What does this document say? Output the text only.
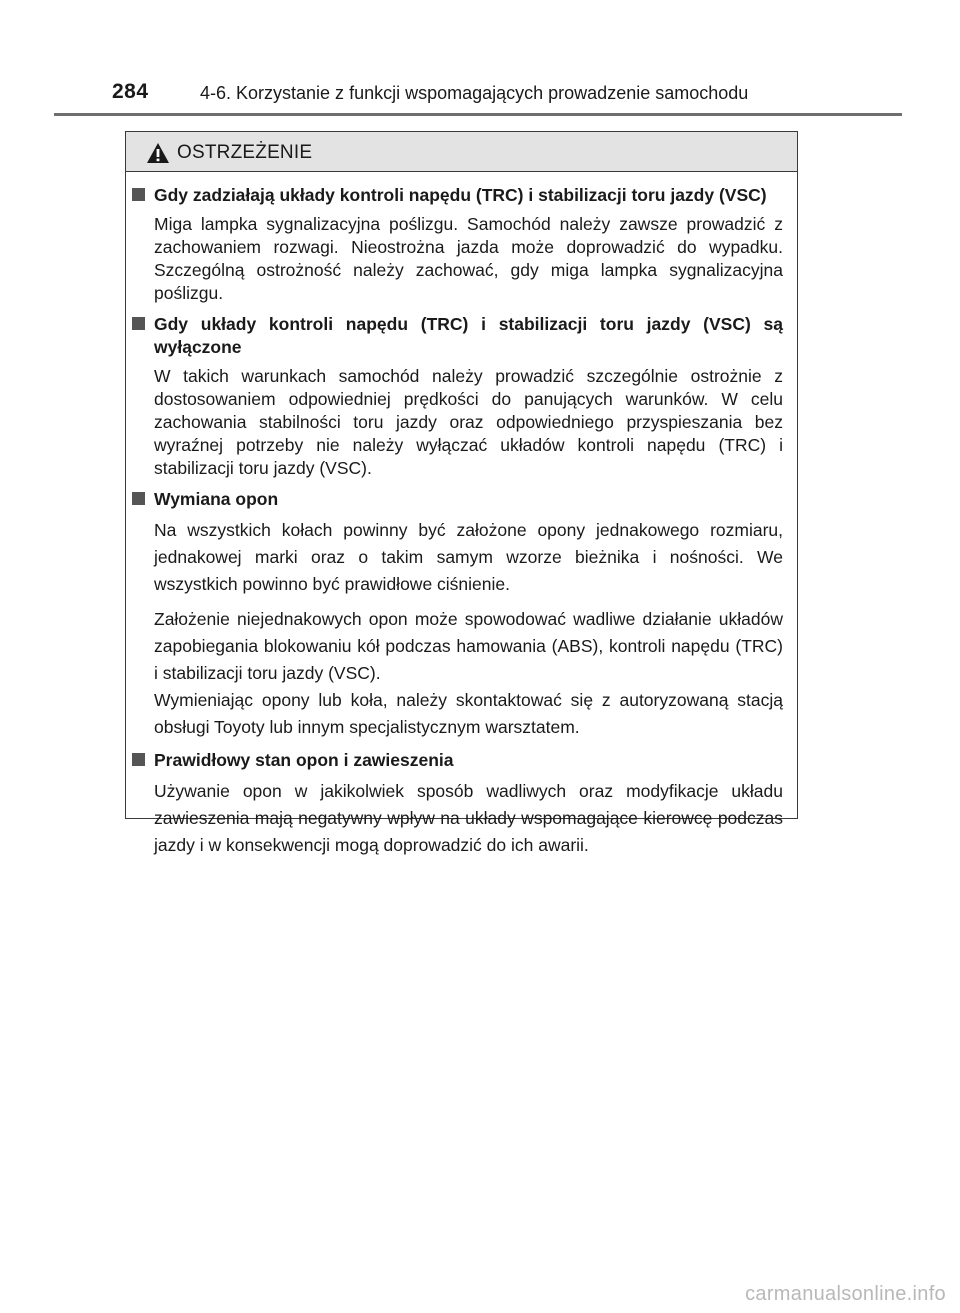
284	4-6. Korzystanie z funkcji wspomagających prowadzenie samochodu
OSTRZEŻENIE

Gdy zadziałają układy kontroli napędu (TRC) i stabilizacji toru jazdy (VSC)

Miga lampka sygnalizacyjna poślizgu. Samochód należy zawsze prowadzić z zachowaniem rozwagi. Nieostrożna jazda może doprowadzić do wypadku. Szczególną ostrożność należy zachować, gdy miga lampka sygnalizacyjna poślizgu.

Gdy układy kontroli napędu (TRC) i stabilizacji toru jazdy (VSC) są wyłączone

W takich warunkach samochód należy prowadzić szczególnie ostrożnie z dostosowaniem odpowiedniej prędkości do panujących warunków. W celu zachowania stabilności toru jazdy oraz odpowiedniego przyspieszania bez wyraźnej potrzeby nie należy wyłączać układów kontroli napędu (TRC) i stabilizacji toru jazdy (VSC).

Wymiana opon

Na wszystkich kołach powinny być założone opony jednakowego rozmiaru, jednakowej marki oraz o takim samym wzorze bieżnika i nośności. We wszystkich powinno być prawidłowe ciśnienie.

Założenie niejednakowych opon może spowodować wadliwe działanie układów zapobiegania blokowaniu kół podczas hamowania (ABS), kontroli napędu (TRC) i stabilizacji toru jazdy (VSC).

Wymieniając opony lub koła, należy skontaktować się z autoryzowaną stacją obsługi Toyoty lub innym specjalistycznym warsztatem.

Prawidłowy stan opon i zawieszenia

Używanie opon w jakikolwiek sposób wadliwych oraz modyfikacje układu zawieszenia mają negatywny wpływ na układy wspomagające kierowcę podczas jazdy i w konsekwencji mogą doprowadzić do ich awarii.

carmanualsonline.info
